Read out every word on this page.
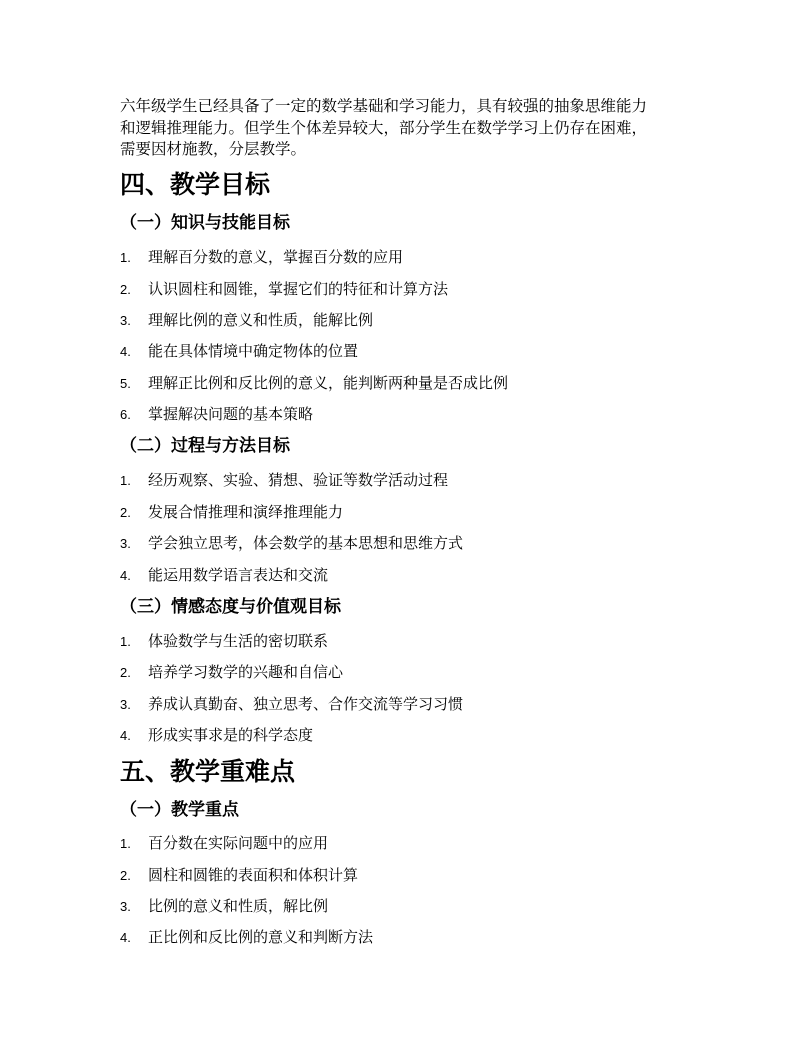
六年级学生已经具备了一定的数学基础和学习能力，具有较强的抽象思维能力
和逻辑推理能力。但学生个体差异较大，部分学生在数学学习上仍存在困难，
需要因材施教，分层教学。
四、教学目标
（一）知识与技能目标
1. 理解百分数的意义，掌握百分数的应用
2. 认识圆柱和圆锥，掌握它们的特征和计算方法
3. 理解比例的意义和性质，能解比例
4. 能在具体情境中确定物体的位置
5. 理解正比例和反比例的意义，能判断两种量是否成比例
6. 掌握解决问题的基本策略
（二）过程与方法目标
1. 经历观察、实验、猜想、验证等数学活动过程
2. 发展合情推理和演绎推理能力
3. 学会独立思考，体会数学的基本思想和思维方式
4. 能运用数学语言表达和交流
（三）情感态度与价值观目标
1. 体验数学与生活的密切联系
2. 培养学习数学的兴趣和自信心
3. 养成认真勤奋、独立思考、合作交流等学习习惯
4. 形成实事求是的科学态度
五、教学重难点
（一）教学重点
1. 百分数在实际问题中的应用
2. 圆柱和圆锥的表面积和体积计算
3. 比例的意义和性质，解比例
4. 正比例和反比例的意义和判断方法
